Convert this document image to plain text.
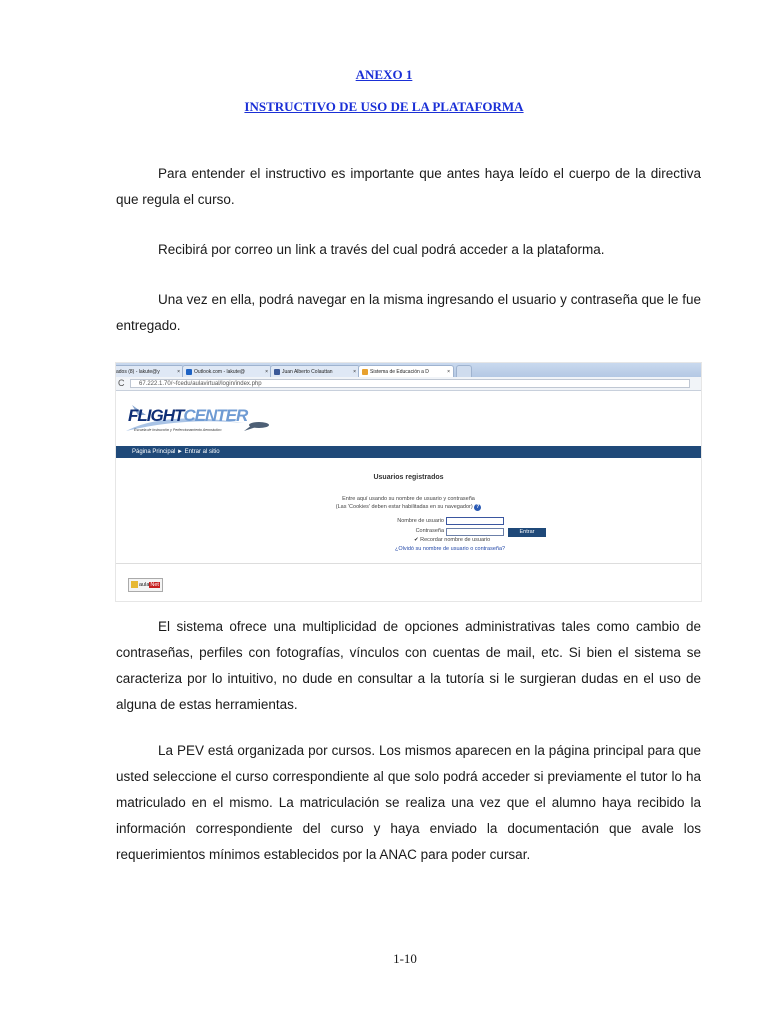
ANEXO 1
INSTRUCTIVO DE USO DE LA PLATAFORMA

Para entender el instructivo es importante que antes haya leído el cuerpo de la directiva que regula el curso.

Recibirá por correo un link a través del cual podrá acceder a la plataforma.

Una vez en ella, podrá navegar en la misma ingresando el usuario y contraseña que le fue entregado.

ados (8) - lakute@y	×	Outlook.com - lakute@	×	Juan Alberto Colauttan	×	Sistema de Educación a D	×
C	67.222.1.70/~fcedu/aulavirtual/login/index.php
FLIGHTCENTER
Escuela de Instrucción y Perfeccionamiento Aeronáutico
Página Principal ► Entrar al sitio
Usuarios registrados
Entre aquí usando su nombre de usuario y contraseña
(Las 'Cookies' deben estar habilitadas en su navegador) ?
Nombre de usuario
Contraseña	Entrar
✔ Recordar nombre de usuario
¿Olvidó su nombre de usuario o contraseña?
aulaNet

El sistema ofrece una multiplicidad de opciones administrativas tales como cambio de contraseñas, perfiles con fotografías, vínculos con cuentas de mail, etc. Si bien el sistema se caracteriza por lo intuitivo, no dude en consultar a la tutoría si le surgieran dudas en el uso de alguna de estas herramientas.

La PEV está organizada por cursos. Los mismos aparecen en la página principal para que usted seleccione el curso correspondiente al que solo podrá acceder si previamente el tutor lo ha matriculado en el mismo. La matriculación se realiza una vez que el alumno haya recibido la información correspondiente del curso y haya enviado la documentación que avale los requerimientos mínimos establecidos por la ANAC para poder cursar.

1-10
